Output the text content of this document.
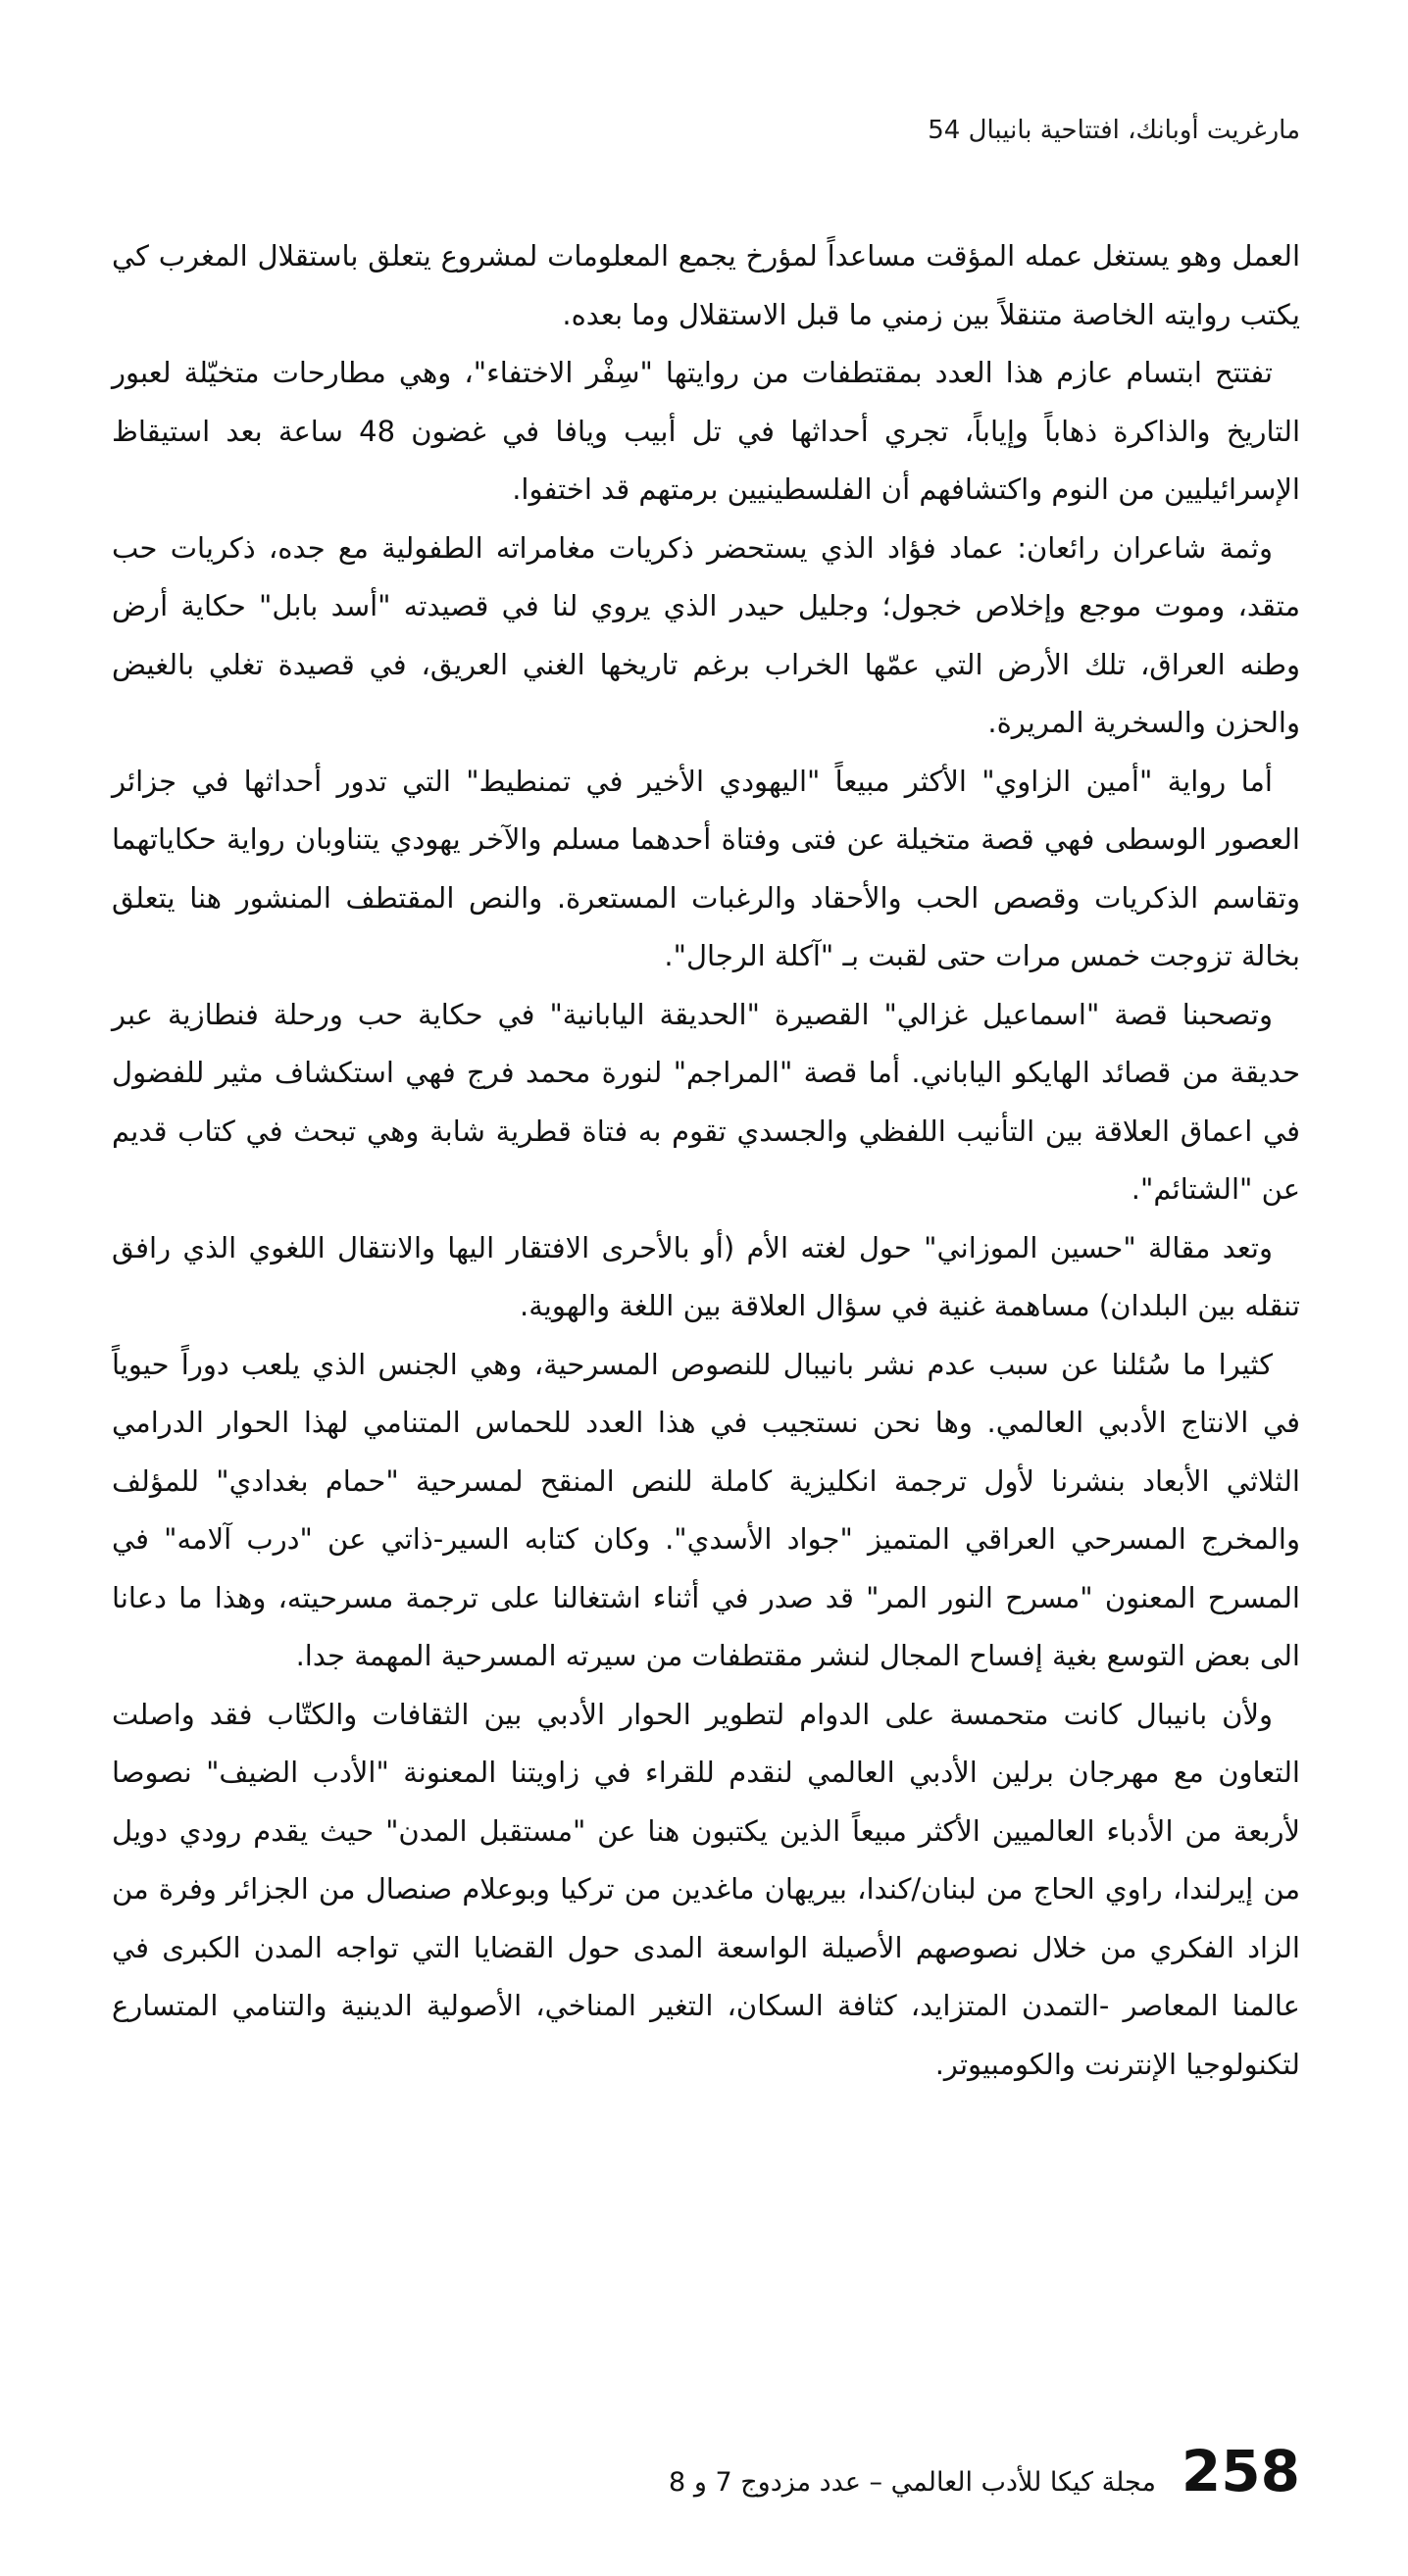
مارغريت أوبانك، افتتاحية بانيبال 54

العمل وهو يستغل عمله المؤقت مساعداً لمؤرخ يجمع المعلومات لمشروع يتعلق باستقلال المغرب كي يكتب روايته الخاصة متنقلاً بين زمني ما قبل الاستقلال وما بعده.

تفتتح ابتسام عازم هذا العدد بمقتطفات من روايتها "سِفْر الاختفاء"، وهي مطارحات متخيّلة لعبور التاريخ والذاكرة ذهاباً وإياباً، تجري أحداثها في تل أبيب ويافا في غضون 48 ساعة بعد استيقاظ الإسرائيليين من النوم واكتشافهم أن الفلسطينيين برمتهم قد اختفوا.

وثمة شاعران رائعان: عماد فؤاد الذي يستحضر ذكريات مغامراته الطفولية مع جده، ذكريات حب متقد، وموت موجع وإخلاص خجول؛ وجليل حيدر الذي يروي لنا في قصيدته "أسد بابل" حكاية أرض وطنه العراق، تلك الأرض التي عمّها الخراب برغم تاريخها الغني العريق، في قصيدة تغلي بالغيض والحزن والسخرية المريرة.

أما رواية "أمين الزاوي" الأكثر مبيعاً "اليهودي الأخير في تمنطيط" التي تدور أحداثها في جزائر العصور الوسطى فهي قصة متخيلة عن فتى وفتاة أحدهما مسلم والآخر يهودي يتناوبان رواية حكاياتهما وتقاسم الذكريات وقصص الحب والأحقاد والرغبات المستعرة. والنص المقتطف المنشور هنا يتعلق بخالة تزوجت خمس مرات حتى لقبت بـ "آكلة الرجال".

وتصحبنا قصة "اسماعيل غزالي" القصيرة "الحديقة اليابانية" في حكاية حب ورحلة فنطازية عبر حديقة من قصائد الهايكو الياباني. أما قصة "المراجم" لنورة محمد فرج فهي استكشاف مثير للفضول في اعماق العلاقة بين التأنيب اللفظي والجسدي تقوم به فتاة قطرية شابة وهي تبحث في كتاب قديم عن "الشتائم".

وتعد مقالة "حسين الموزاني" حول لغته الأم (أو بالأحرى الافتقار اليها والانتقال اللغوي الذي رافق تنقله بين البلدان) مساهمة غنية في سؤال العلاقة بين اللغة والهوية.

كثيرا ما سُئلنا عن سبب عدم نشر بانيبال للنصوص المسرحية، وهي الجنس الذي يلعب دوراً حيوياً في الانتاج الأدبي العالمي. وها نحن نستجيب في هذا العدد للحماس المتنامي لهذا الحوار الدرامي الثلاثي الأبعاد بنشرنا لأول ترجمة انكليزية كاملة للنص المنقح لمسرحية "حمام بغدادي" للمؤلف والمخرج المسرحي العراقي المتميز "جواد الأسدي". وكان كتابه السير-ذاتي عن "درب آلامه" في المسرح المعنون "مسرح النور المر" قد صدر في أثناء اشتغالنا على ترجمة مسرحيته، وهذا ما دعانا الى بعض التوسع بغية إفساح المجال لنشر مقتطفات من سيرته المسرحية المهمة جدا.

ولأن بانيبال كانت متحمسة على الدوام لتطوير الحوار الأدبي بين الثقافات والكتّاب فقد واصلت التعاون مع مهرجان برلين الأدبي العالمي لنقدم للقراء في زاويتنا المعنونة "الأدب الضيف" نصوصا لأربعة من الأدباء العالميين الأكثر مبيعاً الذين يكتبون هنا عن "مستقبل المدن" حيث يقدم رودي دويل من إيرلندا، راوي الحاج من لبنان/كندا، بيريهان ماغدين من تركيا وبوعلام صنصال من الجزائر وفرة من الزاد الفكري من خلال نصوصهم الأصيلة الواسعة المدى حول القضايا التي تواجه المدن الكبرى في عالمنا المعاصر -التمدن المتزايد، كثافة السكان، التغير المناخي، الأصولية الدينية والتنامي المتسارع لتكنولوجيا الإنترنت والكومبيوتر.

258
مجلة كيكا للأدب العالمي – عدد مزدوج 7 و 8
